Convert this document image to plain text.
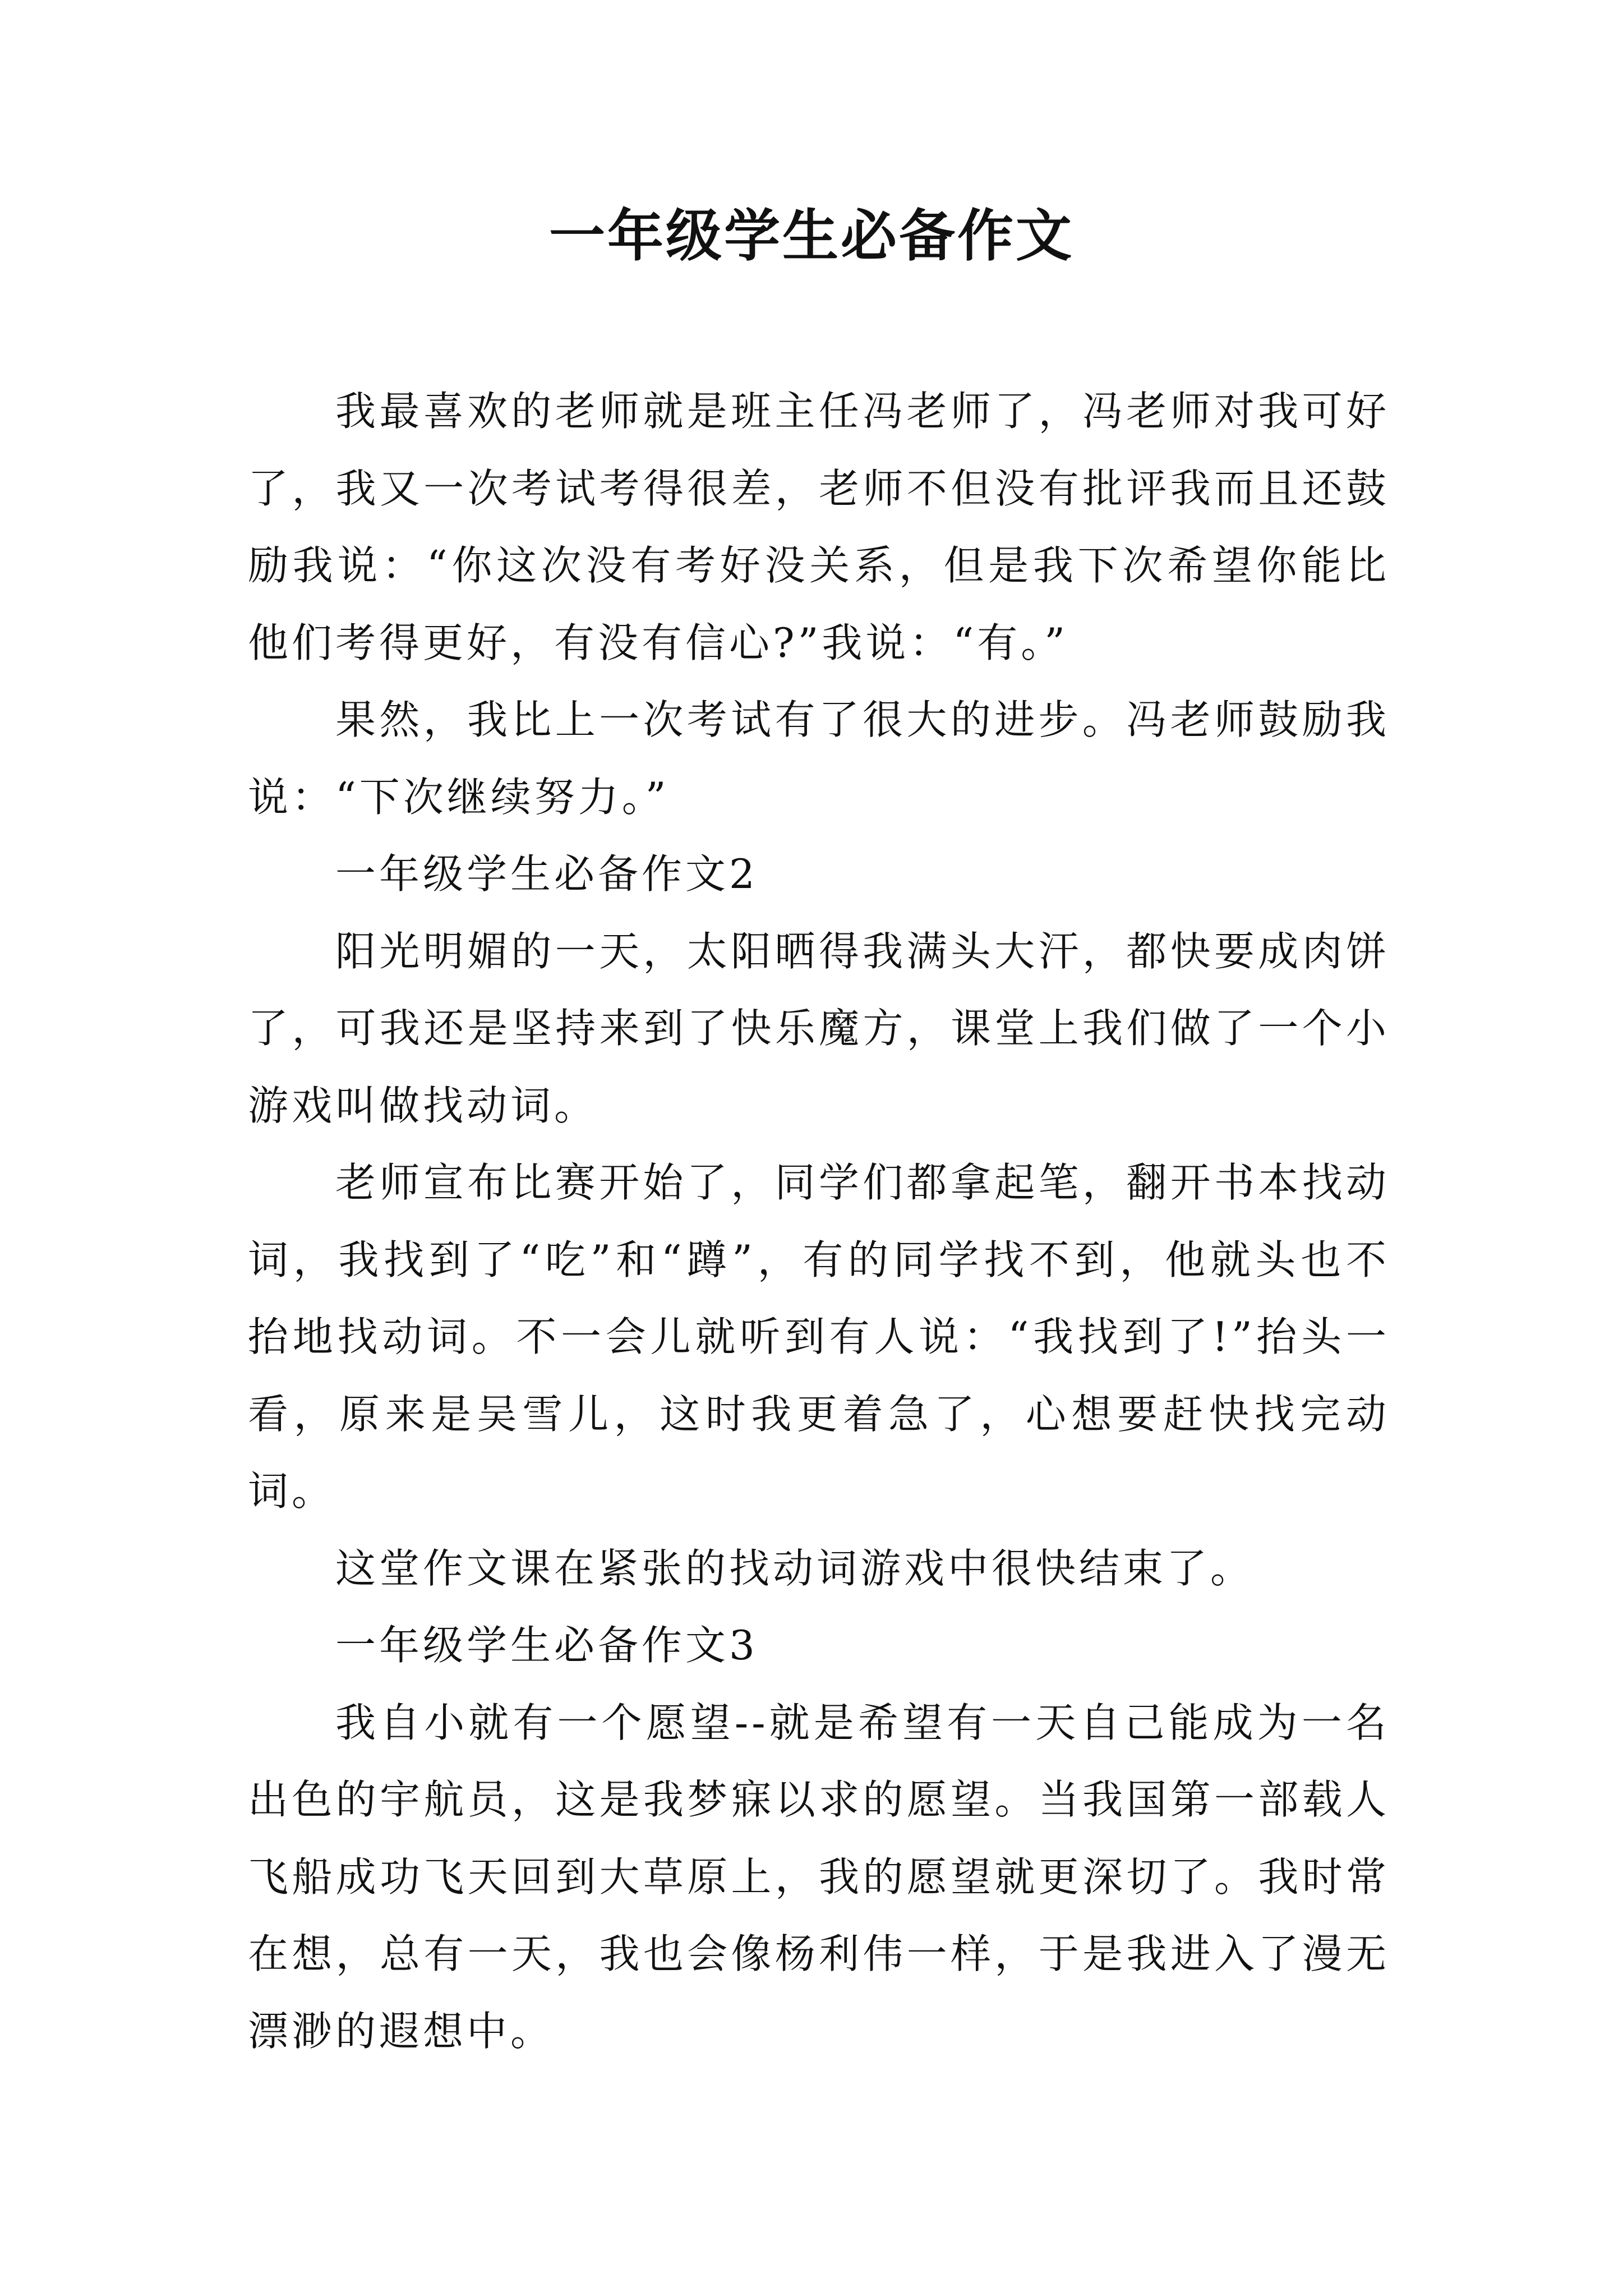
一年级学生必备作文

我最喜欢的老师就是班主任冯老师了，冯老师对我可好了，我又一次考试考得很差，老师不但没有批评我而且还鼓励我说：“你这次没有考好没关系，但是我下次希望你能比他们考得更好，有没有信心?”我说：“有。”

果然，我比上一次考试有了很大的进步。冯老师鼓励我说：“下次继续努力。”

一年级学生必备作文2

阳光明媚的一天，太阳晒得我满头大汗，都快要成肉饼了，可我还是坚持来到了快乐魔方，课堂上我们做了一个小游戏叫做找动词。

老师宣布比赛开始了，同学们都拿起笔，翻开书本找动词，我找到了“吃”和“蹲”，有的同学找不到，他就头也不抬地找动词。不一会儿就听到有人说：“我找到了!”抬头一看，原来是吴雪儿，这时我更着急了，心想要赶快找完动词。

这堂作文课在紧张的找动词游戏中很快结束了。

一年级学生必备作文3

我自小就有一个愿望--就是希望有一天自己能成为一名出色的宇航员，这是我梦寐以求的愿望。当我国第一部载人飞船成功飞天回到大草原上，我的愿望就更深切了。我时常在想，总有一天，我也会像杨利伟一样，于是我进入了漫无漂渺的遐想中。
